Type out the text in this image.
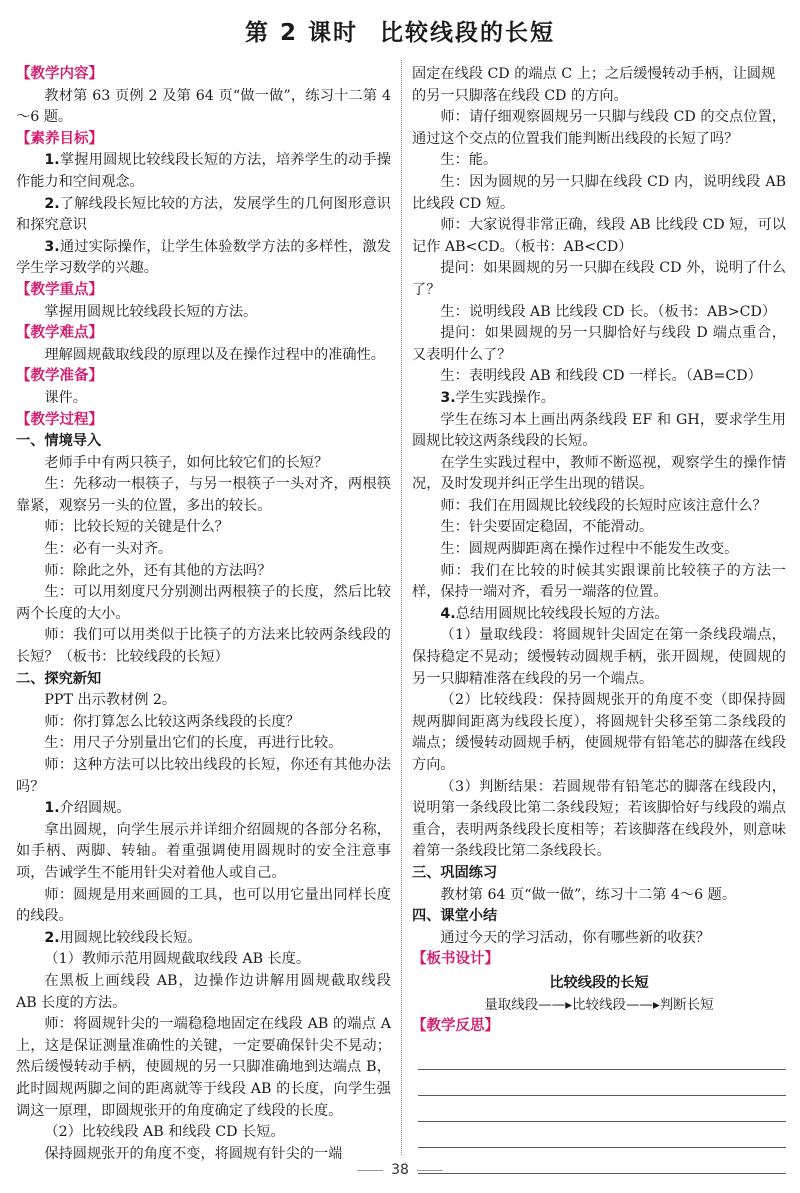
第 2 课时 比较线段的长短
【教学内容】

教材第 63 页例 2 及第 64 页“做一做”，练习十二第 4～6 题。

【素养目标】

1.掌握用圆规比较线段长短的方法，培养学生的动手操作能力和空间观念。

2.了解线段长短比较的方法，发展学生的几何图形意识和探究意识

3.通过实际操作，让学生体验数学方法的多样性，激发学生学习数学的兴趣。

【教学重点】

掌握用圆规比较线段长短的方法。

【教学难点】

理解圆规截取线段的原理以及在操作过程中的准确性。

【教学准备】

课件。

【教学过程】
一、情境导入

老师手中有两只筷子，如何比较它们的长短？

生：先移动一根筷子，与另一根筷子一头对齐，两根筷靠紧，观察另一头的位置，多出的较长。

师：比较长短的关键是什么？

生：必有一头对齐。

师：除此之外，还有其他的方法吗？

生：可以用刻度尺分别测出两根筷子的长度，然后比较两个长度的大小。

师：我们可以用类似于比筷子的方法来比较两条线段的长短？（板书：比较线段的长短）

二、探究新知

PPT 出示教材例 2。

师：你打算怎么比较这两条线段的长度？

生：用尺子分别量出它们的长度，再进行比较。

师：这种方法可以比较出线段的长短，你还有其他办法吗？

1.介绍圆规。

拿出圆规，向学生展示并详细介绍圆规的各部分名称，如手柄、两脚、转轴。着重强调使用圆规时的安全注意事项，告诫学生不能用针尖对着他人或自己。

师：圆规是用来画圆的工具，也可以用它量出同样长度的线段。

2.用圆规比较线段长短。

（1）教师示范用圆规截取线段 AB 长度。

在黑板上画线段 AB，边操作边讲解用圆规截取线段 AB 长度的方法。

师：将圆规针尖的一端稳稳地固定在线段 AB 的端点 A 上，这是保证测量准确性的关键，一定要确保针尖不晃动；然后缓慢转动手柄，使圆规的另一只脚准确地到达端点 B，此时圆规两脚之间的距离就等于线段 AB 的长度，向学生强调这一原理，即圆规张开的角度确定了线段的长度。

（2）比较线段 AB 和线段 CD 长短。

保持圆规张开的角度不变，将圆规有针尖的一端

固定在线段 CD 的端点 C 上；之后缓慢转动手柄，让圆规的另一只脚落在线段 CD 的方向。

师：请仔细观察圆规另一只脚与线段 CD 的交点位置，通过这个交点的位置我们能判断出线段的长短了吗？

生：能。

生：因为圆规的另一只脚在线段 CD 内，说明线段 AB 比线段 CD 短。

师：大家说得非常正确，线段 AB 比线段 CD 短，可以记作 AB<CD。（板书：AB<CD）

提问：如果圆规的另一只脚在线段 CD 外，说明了什么了？

生：说明线段 AB 比线段 CD 长。（板书：AB>CD）

提问：如果圆规的另一只脚恰好与线段 D 端点重合，又表明什么了？

生：表明线段 AB 和线段 CD 一样长。（AB=CD）

3.学生实践操作。

学生在练习本上画出两条线段 EF 和 GH，要求学生用圆规比较这两条线段的长短。

在学生实践过程中，教师不断巡视，观察学生的操作情况，及时发现并纠正学生出现的错误。

师：我们在用圆规比较线段的长短时应该注意什么？

生：针尖要固定稳固，不能滑动。

生：圆规两脚距离在操作过程中不能发生改变。

师：我们在比较的时候其实跟课前比较筷子的方法一样，保持一端对齐，看另一端落的位置。

4.总结用圆规比较线段长短的方法。

（1）量取线段：将圆规针尖固定在第一条线段端点，保持稳定不晃动；缓慢转动圆规手柄，张开圆规，使圆规的另一只脚精准落在线段的另一个端点。

（2）比较线段：保持圆规张开的角度不变（即保持圆规两脚间距离为线段长度），将圆规针尖移至第二条线段的端点；缓慢转动圆规手柄，使圆规带有铅笔芯的脚落在线段方向。

（3）判断结果：若圆规带有铅笔芯的脚落在线段内，说明第一条线段比第二条线段短；若该脚恰好与线段的端点重合，表明两条线段长度相等；若该脚落在线段外，则意味着第一条线段比第二条线段长。

三、巩固练习

教材第 64 页“做一做”，练习十二第 4～6 题。

四、课堂小结

通过今天的学习活动，你有哪些新的收获？

【板书设计】
比较线段的长短
量取线段——▸比较线段——▸判断长短
【教学反思】
38
